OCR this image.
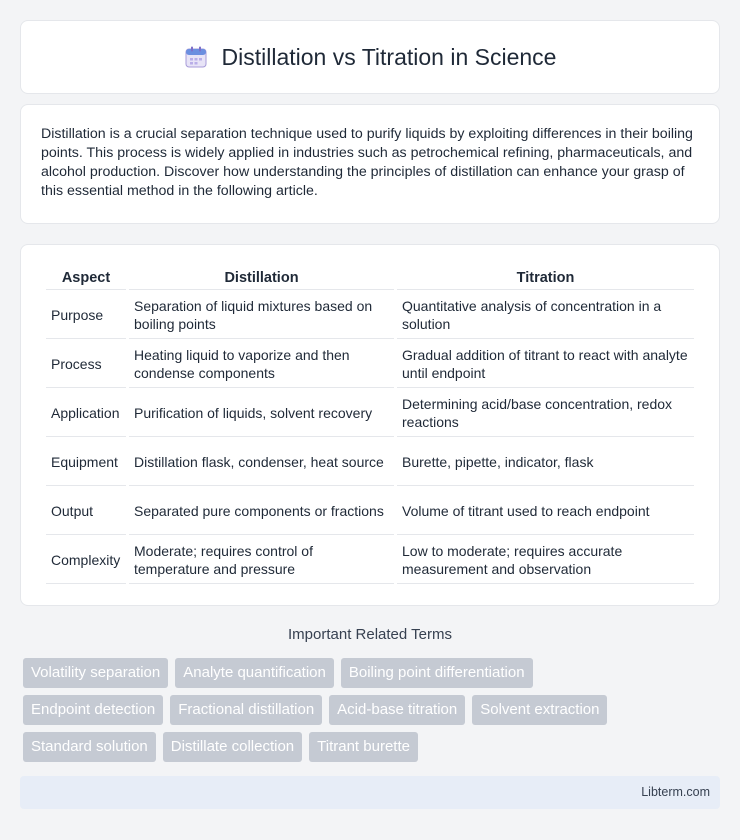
Distillation vs Titration in Science

Distillation is a crucial separation technique used to purify liquids by exploiting differences in their boiling points. This process is widely applied in industries such as petrochemical refining, pharmaceuticals, and alcohol production. Discover how understanding the principles of distillation can enhance your grasp of this essential method in the following article.

Aspect	Distillation	Titration
Purpose	Separation of liquid mixtures based on boiling points	Quantitative analysis of concentration in a solution
Process	Heating liquid to vaporize and then condense components	Gradual addition of titrant to react with analyte until endpoint
Application	Purification of liquids, solvent recovery	Determining acid/base concentration, redox reactions
Equipment	Distillation flask, condenser, heat source	Burette, pipette, indicator, flask
Output	Separated pure components or fractions	Volume of titrant used to reach endpoint
Complexity	Moderate; requires control of temperature and pressure	Low to moderate; requires accurate measurement and observation
Important Related Terms
Volatility separation	Analyte quantification	Boiling point differentiation
Endpoint detection	Fractional distillation	Acid-base titration	Solvent extraction
Standard solution	Distillate collection	Titrant burette
Libterm.com
